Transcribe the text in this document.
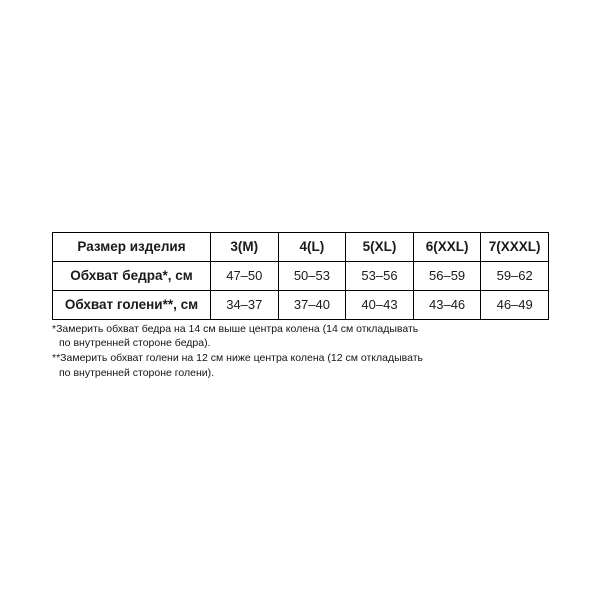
Размер изделия	3(M)	4(L)	5(XL)	6(XXL)	7(XXXL)
Обхват бедра*, см	47–50	50–53	53–56	56–59	59–62
Обхват голени**, см	34–37	37–40	40–43	43–46	46–49

*Замерить обхват бедра на 14 см выше центра колена (14 см откладывать
по внутренней стороне бедра).

**Замерить обхват голени на 12 см ниже центра колена (12 см откладывать
по внутренней стороне голени).
